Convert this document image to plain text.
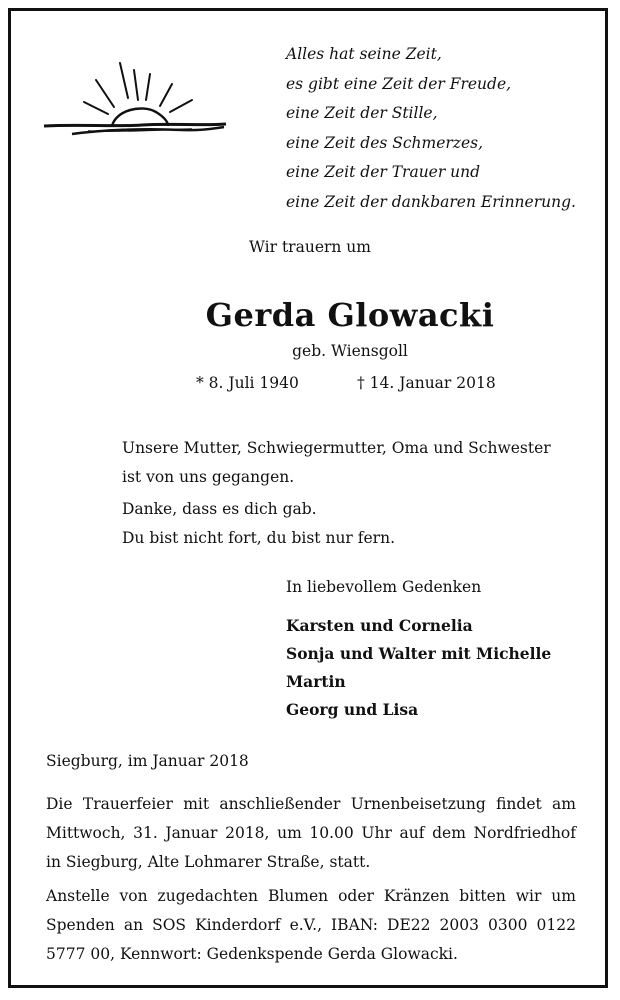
Alles hat seine Zeit,
es gibt eine Zeit der Freude,
eine Zeit der Stille,
eine Zeit des Schmerzes,
eine Zeit der Trauer und
eine Zeit der dankbaren Erinnerung.
Wir trauern um
Gerda Glowacki
geb. Wiensgoll
* 8. Juli 1940	† 14. Januar 2018
Unsere Mutter, Schwiegermutter, Oma und Schwester
ist von uns gegangen.
Danke, dass es dich gab.
Du bist nicht fort, du bist nur fern.
In liebevollem Gedenken
Karsten und Cornelia
Sonja und Walter mit Michelle
Martin
Georg und Lisa
Siegburg, im Januar 2018
Die Trauerfeier mit anschließender Urnenbeisetzung findet am
Mittwoch, 31. Januar 2018, um 10.00 Uhr auf dem Nordfriedhof
in Siegburg, Alte Lohmarer Straße, statt.
Anstelle von zugedachten Blumen oder Kränzen bitten wir um
Spenden an SOS Kinderdorf e.V., IBAN: DE22 2003 0300 0122
5777 00, Kennwort: Gedenkspende Gerda Glowacki.
